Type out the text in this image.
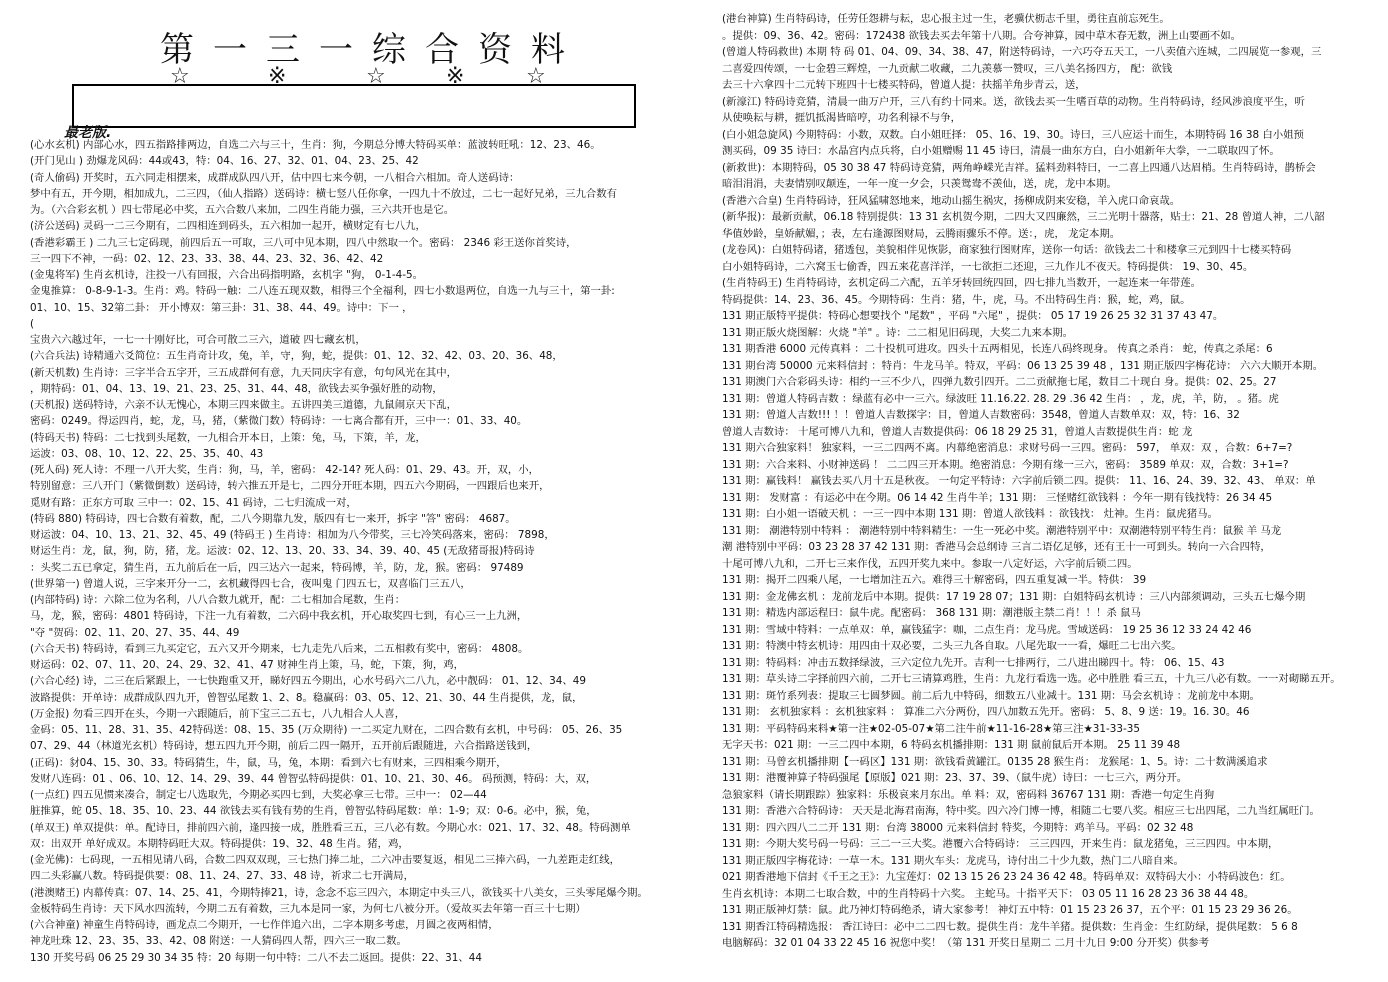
第一三一综合资料
☆	※	☆	※	☆
最老版.
(心水玄机) 内部心水，四五指路排两边，自选二六与三十，生肖：狗，今期总分博大特码买单：蓝波转旺吼：12、23、46。
(开门见山 ) 劲爆龙风码：44或43，特：04、16、27、32、01、04、23、25、42
(奇人偷码) 开奖时，五六同走相摆来，成群成队四八开，估中四七来今朝，一八相合六相加。奇人送码诗：
梦中有五，开今期，相加成九，二三四，（仙人指路）送码诗：横七竖八任你拿，一四九十不放过，二七一起好兄弟，三九合数有
为。（六合彩玄机 ）四七带尾必中奖，五六合数八来加，二四生肖能力强，三六共开也是它。
(济公送码) 灵码一二三今期有，二四相连到码头，五六相加一起开，横财定有七八九，
(香港彩霸王 ) 二九三七定码现，前四后五一可取，三八可中见本期，四八中然取一个。密码： 2346 彩王送你首奖诗，
三一四下不神，一码：02、12、23、33、38、44、23、32、36、42、42
(金鬼将军) 生肖玄机诗，注投一八有回报，六合出码指明路，玄机字 "狗， 0-1-4-5。
金鬼推算： 0-8-9-1-3。生肖：鸡。特码一触：二八连五现双数，相得三个全福利，四七小数退两位，自选一九与三十，第一卦:
01、10、15、32第二卦： 开小博双：第三卦：31、38、44、49。诗中：下一 ，
(
宝贵六六越过年，一七一十刚好比，可合可散二三六，道破 四七藏玄机，
(六合兵法) 诗精通六爻简位：五生肖奇计攻，兔，羊，守，狗，蛇，提供：01、12、32、42、03、20、36、48，
(新天机数) 生肖诗：三字半合五字开，三五成群何有意，九天同庆字有意，句句风光在其中，
，期特码：01、04、13、19、21、23、25、31、44、48，欲钱去买争强好胜的动物，
(天机报) 送码特诗，六亲不认无愧心，本期三四来做主。五讲四美三道德，九鼠闹京天下乱，
密码：0249。得运四肖，蛇，龙，马，猪，（紫微门数）特码诗：一七离合都有开，三中一：01、33、40。
(特码天书) 特码：二七找到头尾数，一九相合开本日，上策：兔，马，下策，羊，龙，
运波：03、08、10、12、22、25、35、40、43
(死人码) 死人诗：不理一八开大奖，生肖：狗，马，羊，密码： 42-14? 死人码：01、29、43。开，双，小，
特别留意：三八开门（紫微倒数）送码诗，转六推五开是七，二四分开旺本期，四五六今期码，一四跟后也来开，
觅财有路：正东方可取 三中一：02、15、41 码诗，二七归流成一对，
(特码 880) 特码诗，四七合数有着数，配，二八今期靠九发，版四有七一来开，拆字 "答" 密码： 4687。
财运波：04、10、13、21、32、45、49 (特码王 ) 生肖诗：相加为八今带奖，三七冷笑码落来，密码： 7898，
财运生肖：龙，鼠，狗，防，猪，龙。运波：02、12、13、20、33、34、39、40、45 (无敌猪哥报)特码诗
：头奖二五已拿定，猜生肖，五九前后在一后，四三达六一起来，特码博，羊，防，龙，猴。密码： 97489
(世界第一) 曾道人说，三字来开分一二，玄机藏得四七合，夜叫鬼 门四五七，双喜临门三五八，
(内部特码) 诗：六除二位为名利，八八合数九就开，配：二七相加合尾数，生肖：
马，龙，猴，密码：4801 特码诗，下注一九有着数，二六码中我玄机，开心取奖四七到，有心三一上九洲，
"夺 "贺码：02、11、20、27、35、44、49
(六合天书) 特码诗，看到三九买定它，五六又开今期来，七九走先八后来，二五相救有奖中，密码： 4808。
财运码：02、07、11、20、24、29、32、41、47 财神生肖上策，马，蛇，下策，狗，鸡，
(六合心经) 诗，二三在后紧跟上，一七快跑重又开，睇好四五今期出，心水号码六二八九，必中靓码： 01、12、34、49
波路提供：开单诗：成群成队四九开，曾智弘尾数 1、2、8。稳赢码：03、05、12、21、30、44 生肖提供，龙，鼠，
(万金报) 勿看三四开在头，今期一六跟随后，前下宝三二五七，八九相合人人喜，
金码：05、11、28、31、35、42特码送：08、15、35 (万众期待) 一二买定九财在，二四合数有玄机，中号码： 05、26、35
07、29、44（林道光玄机）特码诗，想五四九开今期，前后二四一隔开，五开前后跟随进，六合指路送钱到，
(正码)：豺04、15、30、33。特码猜生，牛，鼠，马，兔，本期：看到六七有财来，三四相乘今期开，
发财八连码：01 、06、10、12、14、29、39、44 曾智弘特码提供：01、10、21、30、46。 码预测，特码：大，双，
(一点红) 四五见惯来凑合，制定七八选取先，今期必买四七到，大奖必拿三七带。三中一： 02—44
脏推算，蛇 05、18、35、10、23、44 欲钱去买有钱有势的生肖，曾智弘特码尾数：单：1-9；双：0-6。必中，猴，兔，
(单双王) 单双提供：单。配诗日，排前四六前，逢四接一成，胜胜看三五，三八必有数。今期心水：021、17、32、48。特码测单
双：出双开 单好成双。本期特码旺大双。特码提供：19、32、48 生肖。猪，鸡，
(金光佛)：七码现，一五相见请八码，合数二四双双现，三七热门捧二址，二六冲击要复返，相见二三捧六码，一九差距走红线，
四二头彩赢八数。特码提供要：08、11、24、27、33、48 诗，祈求二七开满局，
(港澳赌王) 内幕传真：07、14、25、41，今期特捧21，诗，念念不忘三四六，本期定中头三八，欲钱买十八美女，三头零尾爆今期。
金板特码生肖诗：天下风水四流转，今期二五有着数，三九本是同一家，为何七八被分开。（爱故买去年第一百三十七期）
(六合神童) 神童生肖特码诗，画龙点二今期开，一七作伴追六出，二字本期多考虑，月圆之夜两相情，
神龙吐珠 12、23、35、33、42、08 附送：一人猜码四人帮，四六三一取二数。
130 开奖号码 06 25 29 30 34 35 特：20 每期一句中特：二八不去二返回。提供：22、31、44
(港台神算) 生肖特码诗，任劳任怨耕与耘，忠心报主过一生，老骥伏枥志千里，勇往直前忘死生。
。提供：09、36、42。密码：172438 欲钱去买去年第十八期。合夸神算，园中草木春无数，洲上山要画不如。
(曾道人特码救世) 本期 特 码 01、04、09、34、38、47，附送特码诗，一六巧夺五天工，一八卖值六连城，二四展览一参观，三
二喜爱四传颂，一七金碧三辉煌，一九贡献二收藏，二九羡慕一赞叹，三八美名扬四方， 配：欲钱
去三十六拿四十二元转下班四十七楼买特码，曾道人提：扶摇羊角步青云，送，
(新濠江) 特码诗竞猜，清晨一曲万户开，三八有约十同来。送，欲钱去买一生嗜百草的动物。生肖特码诗，经风涉浪度平生，听
从使唤耘与耕，捱饥抵渴皆暗哼，功名利禄不与争，
(白小姐急旋风) 今期特码：小数，双数。白小姐旺择： 05、16、19、30。诗曰，三八应运十而生，本期特码 16 38 白小姐预
测买码，09 35 诗曰：水晶宫内点兵将，白小姐赠赐 11 45 诗曰，清晨一曲东方白，白小姐新年大拳，一二联取四了怀。
(新救世)：本期特码，05 30 38 47 特码诗竞猜，两角峥嵘光吉祥。猛料劲料特曰，一二喜上四通八达眉梢。生肖特码诗，鹊桥会
暗泪涓涓，夫妻情别叹颠连，一年一度一夕会，只羡鸳鸯不羡仙，送，虎，龙中本期。
(香港六合皇) 生肖特码诗，狂风猛啸怒地来，地动山摇生祸灾，扬柳成阴来安稳，羊入虎口命哀哉。
(新华报)：最新贡献，06.18 特别提供：13 31 玄机贺今期，二四大又四廉然，三二光明十器落，贴士：21、28 曾道人神，二八韶
华值妙龄，皇娇献媚，；表，左右逢源图财局，云腾雨骤乐不停。送：，虎， 龙定本期。
(龙卷风)：白姐特码诸，猪透包，美貌相伴见恢影，商家独行图财库，送你一句话：欲钱去二十和楼拿三元到四十七楼买特码
白小姐特码诗，二六窝玉七偷香，四五来花喜洋洋，一七欲拒二还迎，三九作儿不夜天。特码提供： 19、30、45。
(生肖特码王) 生肖特码诗，玄机定码二六配，五羊牙转回统四回，四七排九当数开，一起连来一年带莲。
特码提供：14、23、36、45。今期特码：生肖：猪，牛，虎，马。不出特码生肖：猴，蛇，鸡，鼠。
131 期正版特平提供：特码心想要找个 "尾数" ，平码 "六尾" ，提供： 05 17 19 26 25 32 31 37 43 47。
131 期正版火烧图解：火烧 "羊" 。诗：二二相见旧码现，大奖二九来本期。
131 期香港 6000 元传真料 ：二十投机可进攻。四头十五两相见，长连八码终现身。 传真之杀肖： 蛇，传真之杀尾：6
131 期台湾 50000 元来料信封 ：特肖：牛龙马羊。特双，平码：06 13 25 39 48 ，131 期正版四字梅花诗： 六六大顺开本期。
131 期澳门六合彩码头诗：相约一三不少八，四弹九数引四开。二二贡献拖七尾，数目二十现白 身。提供：02、25。27
131 期：曾道人特码吉数 ：绿蓝有必中一三六。绿波旺 11.16.22. 28. 29 .36 42 生肖： ，龙，虎，羊，防， 。猪。虎
131 期：曾道人吉数!!! ！！曾道人吉数探字：目，曾道人吉数密码：3548，曾道人吉数单双：双，特：16、32
曾道人吉数诗： 十尾可博八九和，曾道人吉数提供码：06 18 29 25 31，曾道人吉数提供生肖：蛇 龙
131 期六合独家料！ 独家料，一三二四两不离。内幕绝密消息：求财号码一三四。密码： 597， 单双：双 ，合数：6+7=?
131 期：六合来料、小财神送码 ！ 二二四三开本期。绝密消息：今期有缘一三六，密码： 3589 单双：双，合数：3+1=?
131 期：赢钱料！ 赢钱去买八月十五是秋夜。 一句定平特诗：六字前后锁二四。提供： 11、16、24、39、32、43、 单双：单
131 期： 发财富 ：有运必中在今期。06 14 42 生肖牛羊；131 期： 三怪赌红欲钱料 ：今年一期有钱找特：26 34 45
131 期：白小姐一语破天机 ：一三一四中本期 131 期：曾道人欲钱料 ：欲钱找： 灶神。生肖：鼠虎猪马。
131 期： 潮港特别中特料 ： 潮港特别中特料精生：一生一死必中奖。潮港特别平中：双潮港特别平特生肖：鼠猴 羊 马龙
潮 港特别中平码：03 23 28 37 42 131 期：香港马会总纲诗 三言二语亿足够，还有王十一可到头。转向一六合四特，
十尾可博八九和，二开七三来作伐，五四开奖九来中。参取一八定好运，六字前后锁二四。
131 期：揭开二四乘八尾，一七增加注五六。难得三十解密码，四五重复减一半。特供： 39
131 期：金龙佛玄机 ：龙前龙后中本期。提供：17 19 28 07；131 期：白姐特码玄机诗 ：三八内部须调动，三头五七爆今期
131 期：精选内部运程曰：鼠牛虎。配密码： 368 131 期：潮港版主禁二肖！！！杀 鼠马
131 期：雪域中特料：一点单双：单，赢钱猛字：咖，二点生肖：龙马虎。雪域送码： 19 25 36 12 33 24 42 46
131 期：特澳中特玄机诗：用四由十双必要，二头三九各自取。八尾先取一一看，爆旺二七出六奖。
131 期：特码料：冲击五数择绿波，三六定位九先开。吉利一七排两行，二八进出睇四十。特： 06、15、43
131 期：草头诗二字择前四六前，二开七三请算鸡胜，生肖：九龙行看选一选。必中胜胜 看三五，十九三八必有数。一一对砌睇五开。
131 期：斑竹系列表：提取三七圆梦圆。前二后九中特码，细数五八业减十。131 期：马会玄机诗 ：龙前龙中本期。
131 期： 玄机独家料 ：玄机独家料 ： 算准二六分两份，四八加数五先开。密码： 5、8、9 送：19。16. 30。46
131 期：平码特码来料★第一注★02-05-07★第二注牛前★11-16-28★第三注★31-33-35
无字天书：021 期：一三二四中本期，6 特码玄机播排期：131 期 鼠前鼠后开本期。 25 11 39 48
131 期：马曾玄机播排期【一码区】131 期：欲钱看黄罐江。0135 28 猴生肖： 龙猴尾：1、5。诗：二十数满溪追求
131 期：港覆神算子特码强尾【原版】021 期：23、37、39、（鼠牛虎）诗曰：一七三六，两分开。
急狼家料（请长期跟踪）独家料：乐极哀来月东出。单 料：双，密码料 36767 131 期：香港一句定生肖狗
131 期：香港六合特码诗： 天天是北海君南海，特中奖。四六冷门博一博，相随二七要八奖。相应三七出四尾，二九当红属旺门。
131 期：四六四八二二开 131 期：台湾 38000 元来料信封 特奖，今期特：鸡羊马。平码：02 32 48
131 期：今期大奖号码一号码：三二一三大奖。港覆六合特码诗： 三三四四，开来生肖：鼠龙猪兔，三三四四。中本期，
131 期正版四字梅花诗：一草一木。131 期火车头：龙虎马，诗付出二十少九数，热门二八暗自来。
021 期香港地下信封《千王之王》：九宝莲灯：02 13 15 26 23 24 36 42 48。特码单双：双特码大小：小特码波色：红。
生肖玄机诗：本期二七取合数，中的生肖特码十六奖。 主蛇马。十指平天下： 03 05 11 16 28 23 36 38 44 48。
131 期正版神灯禁：鼠。此乃神灯特码绝杀，请大家参考！ 神灯五中特：01 15 23 26 37，五个平：01 15 23 29 36 26。
131 期香江特码精选报： 香江诗曰：必中二二四七数。提供生肖：龙牛羊猪。提供数：生肖金：生红防绿，提供尾数： 5 6 8
电脑解码：32 01 04 33 22 45 16 祝您中奖！（第 131 开奖日星期二 二月十九日 9:00 分开奖）供参考
